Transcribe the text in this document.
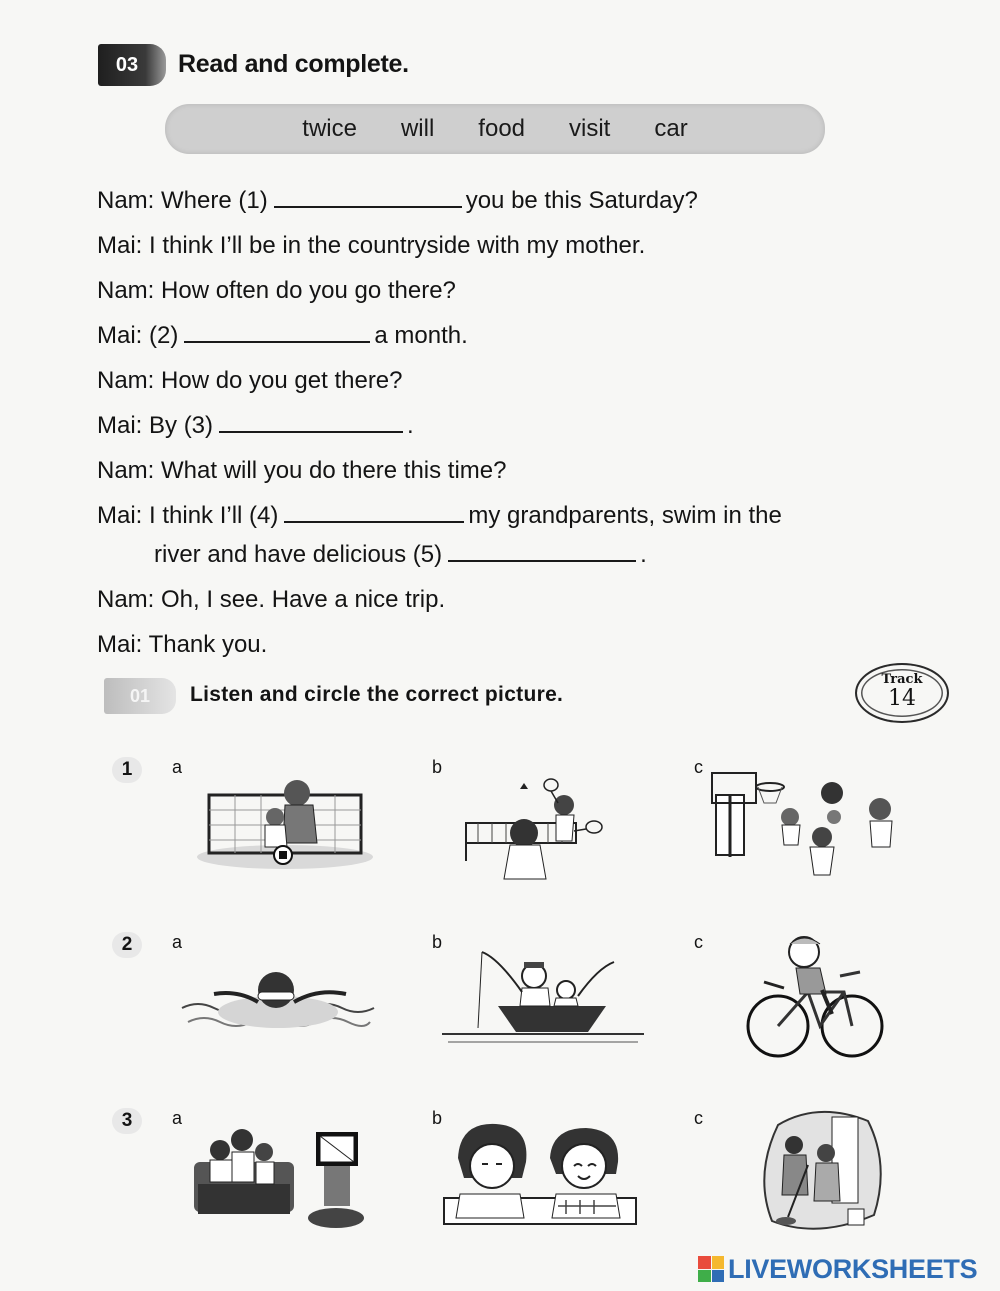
03	Read and complete.
twice will food visit car
Nam: Where (1)	you be this Saturday?
Mai: I think I’ll be in the countryside with my mother.
Nam: How often do you go there?
Mai: (2)	a month.
Nam: How do you get there?
Mai: By (3)	.
Nam: What will you do there this time?
Mai: I think I’ll (4)	my grandparents, swim in the
river and have delicious (5)	.
Nam: Oh, I see. Have a nice trip.
Mai: Thank you.
01	Listen and circle the correct picture.
Track
14
1	a	b	c
2	a	b	c
3	a	b	c
LIVEWORKSHEETS
